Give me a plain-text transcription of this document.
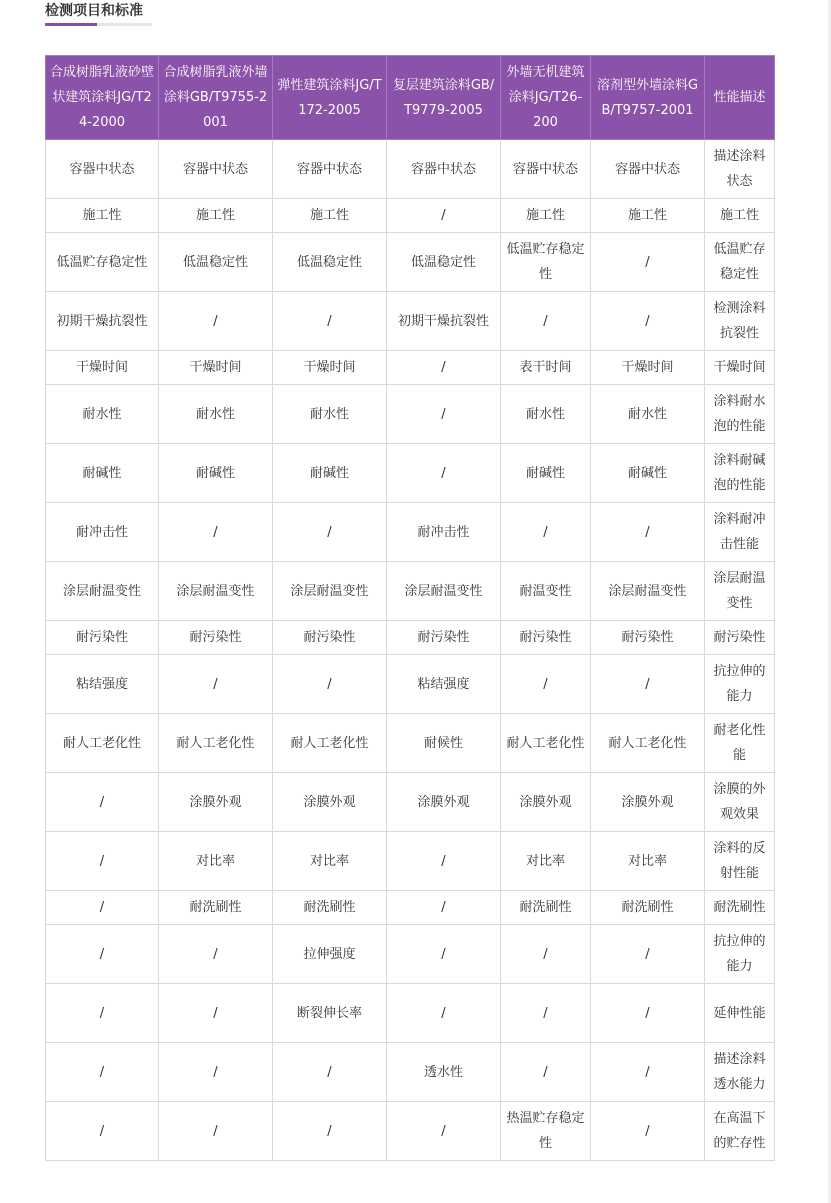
检测项目和标准
合成树脂乳液砂壁状建筑涂料JG/T24-2000	合成树脂乳液外墙涂料GB/T9755-2001	弹性建筑涂料JG/T172-2005	复层建筑涂料GB/T9779-2005	外墙无机建筑涂料JG/T26-200	溶剂型外墙涂料GB/T9757-2001	性能描述
容器中状态	容器中状态	容器中状态	容器中状态	容器中状态	容器中状态	描述涂料状态
施工性	施工性	施工性	/	施工性	施工性	施工性
低温贮存稳定性	低温稳定性	低温稳定性	低温稳定性	低温贮存稳定性	/	低温贮存稳定性
初期干燥抗裂性	/	/	初期干燥抗裂性	/	/	检测涂料抗裂性
干燥时间	干燥时间	干燥时间	/	表干时间	干燥时间	干燥时间
耐水性	耐水性	耐水性	/	耐水性	耐水性	涂料耐水泡的性能
耐碱性	耐碱性	耐碱性	/	耐碱性	耐碱性	涂料耐碱泡的性能
耐冲击性	/	/	耐冲击性	/	/	涂料耐冲击性能
涂层耐温变性	涂层耐温变性	涂层耐温变性	涂层耐温变性	耐温变性	涂层耐温变性	涂层耐温变性
耐污染性	耐污染性	耐污染性	耐污染性	耐污染性	耐污染性	耐污染性
粘结强度	/	/	粘结强度	/	/	抗拉伸的能力
耐人工老化性	耐人工老化性	耐人工老化性	耐候性	耐人工老化性	耐人工老化性	耐老化性能
/	涂膜外观	涂膜外观	涂膜外观	涂膜外观	涂膜外观	涂膜的外观效果
/	对比率	对比率	/	对比率	对比率	涂料的反射性能
/	耐洗刷性	耐洗刷性	/	耐洗刷性	耐洗刷性	耐洗刷性
/	/	拉伸强度	/	/	/	抗拉伸的能力
/	/	断裂伸长率	/	/	/	延伸性能
/	/	/	透水性	/	/	描述涂料透水能力
/	/	/	/	热温贮存稳定性	/	在高温下的贮存性
